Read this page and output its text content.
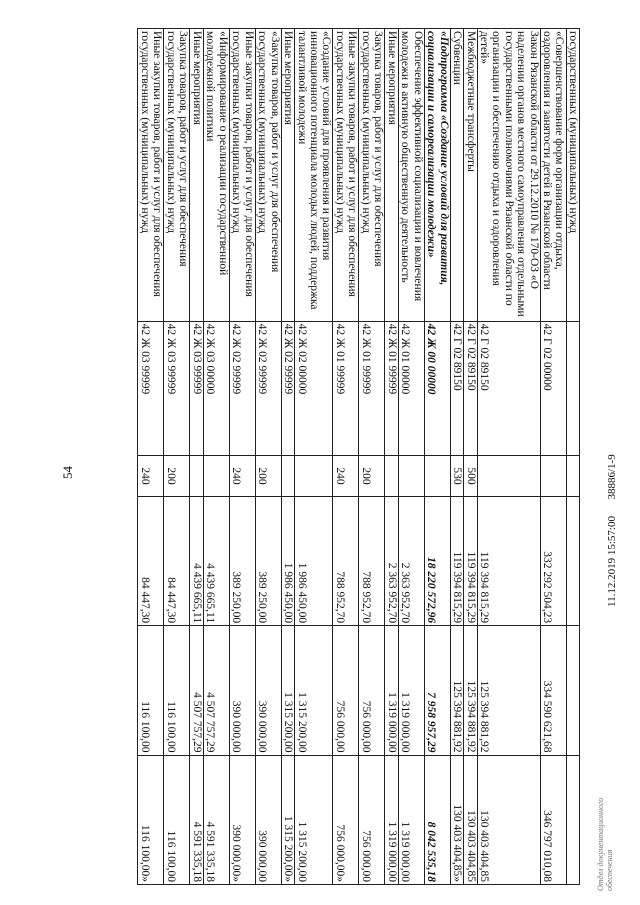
54
государственных (муниципальных) нужд					
«Совершенствование форм организации отдыха, оздоровления и занятости детей в Рязанской области	42 Г 02 00000		332 292 504,23	334 590 621,68	346 797 010,08
Закон Рязанской области от 29.12.2010 № 170-ОЗ «О наделении органов местного самоуправления отдельными государственными полномочиями Рязанской области по организации и обеспечению отдыха и оздоровления детей»	42 Г 02 89150		119 394 815,29	125 394 881,92	130 403 404,85
Межбюджетные трансферты	42 Г 02 89150	500	119 394 815,29	125 394 881,92	130 403 404,85
Субвенции	42 Г 02 89150	530	119 394 815,29	125 394 881,92	130 403 404,85»
«Подпрограмма «Создание условий для развития, социализации и самореализации молодежи»	42 Ж 00 00000		18 220 572,96	7 958 957,29	8 042 535,18
Обеспечение эффективной социализации и вовлечения молодежи в активную общественную деятельность	42 Ж 01 00000		2 363 952,70	1 319 000,00	1 319 000,00
Иные мероприятия	42 Ж 01 99999		2 363 952,70	1 319 000,00	1 319 000,00
Закупка товаров, работ и услуг для обеспечения государственных (муниципальных) нужд	42 Ж 01 99999	200	788 952,70	756 000,00	756 000,00
Иные закупки товаров, работ и услуг для обеспечения государственных (муниципальных) нужд	42 Ж 01 99999	240	788 952,70	756 000,00	756 000,00»
«Создание условий для проявления и развития инновационного потенциала молодых людей, поддержка талантливой молодежи	42 Ж 02 00000		1 986 450,00	1 315 200,00	1 315 200,00
Иные мероприятия	42 Ж 02 99999		1 986 450,00	1 315 200,00	1 315 200,00»
«Закупка товаров, работ и услуг для обеспечения государственных (муниципальных) нужд	42 Ж 02 99999	200	389 250,00	390 000,00	390 000,00
Иные закупки товаров, работ и услуг для обеспечения государственных (муниципальных) нужд	42 Ж 02 99999	240	389 250,00	390 000,00	390 000,00»
«Информирование о реализации государственной молодежной политики	42 Ж 03 00000		4 439 665,11	4 507 757,29	4 591 335,18
Иные мероприятия	42 Ж 03 99999		4 439 665,11	4 507 757,29	4 591 335,18
Закупка товаров, работ и услуг для обеспечения государственных (муниципальных) нужд	42 Ж 03 99999	200	84 447,30	116 100,00	116 100,00
Иные закупки товаров, работ и услуг для обеспечения государственных (муниципальных) нужд	42 Ж 03 99999	240	84 447,30	116 100,00	116 100,00»
11.12.2019 15:57:00      38886/1-9
Отдел документационного обеспечения
